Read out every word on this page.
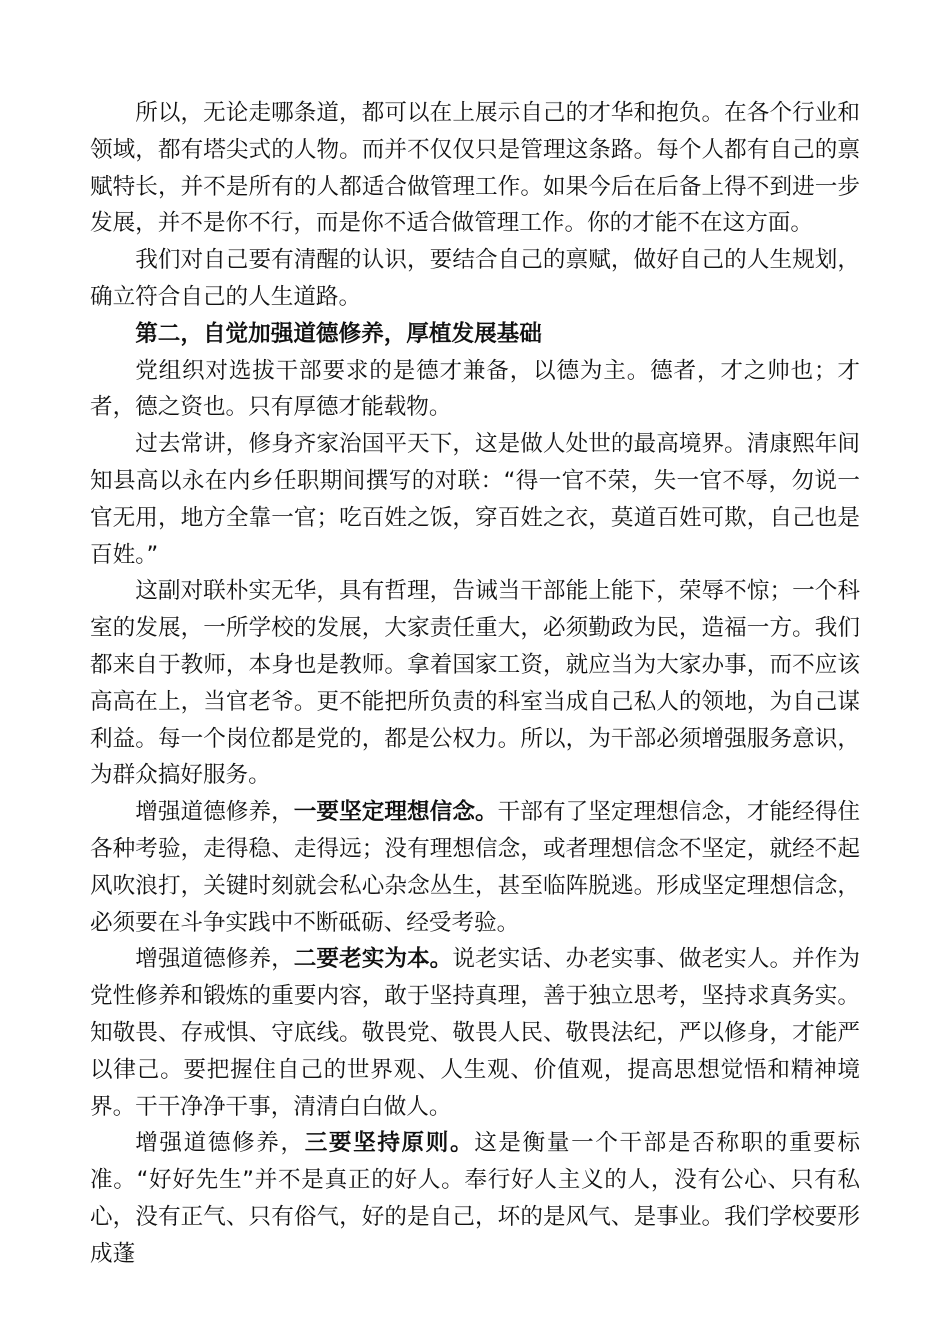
所以，无论走哪条道，都可以在上展示自己的才华和抱负。在各个行业和领域，都有塔尖式的人物。而并不仅仅只是管理这条路。每个人都有自己的禀赋特长，并不是所有的人都适合做管理工作。如果今后在后备上得不到进一步发展，并不是你不行，而是你不适合做管理工作。你的才能不在这方面。

我们对自己要有清醒的认识，要结合自己的禀赋，做好自己的人生规划，确立符合自己的人生道路。

第二，自觉加强道德修养，厚植发展基础

党组织对选拔干部要求的是德才兼备，以德为主。德者，才之帅也；才者，德之资也。只有厚德才能载物。

过去常讲，修身齐家治国平天下，这是做人处世的最高境界。清康熙年间知县高以永在内乡任职期间撰写的对联：“得一官不荣，失一官不辱，勿说一官无用，地方全靠一官；吃百姓之饭，穿百姓之衣，莫道百姓可欺，自己也是百姓。”

这副对联朴实无华，具有哲理，告诫当干部能上能下，荣辱不惊；一个科室的发展，一所学校的发展，大家责任重大，必须勤政为民，造福一方。我们都来自于教师，本身也是教师。拿着国家工资，就应当为大家办事，而不应该高高在上，当官老爷。更不能把所负责的科室当成自己私人的领地，为自己谋利益。每一个岗位都是党的，都是公权力。所以，为干部必须增强服务意识，为群众搞好服务。

增强道德修养，一要坚定理想信念。干部有了坚定理想信念，才能经得住各种考验，走得稳、走得远；没有理想信念，或者理想信念不坚定，就经不起风吹浪打，关键时刻就会私心杂念丛生，甚至临阵脱逃。形成坚定理想信念，必须要在斗争实践中不断砥砺、经受考验。

增强道德修养，二要老实为本。说老实话、办老实事、做老实人。并作为党性修养和锻炼的重要内容，敢于坚持真理，善于独立思考，坚持求真务实。知敬畏、存戒惧、守底线。敬畏党、敬畏人民、敬畏法纪，严以修身，才能严以律己。要把握住自己的世界观、人生观、价值观，提高思想觉悟和精神境界。干干净净干事，清清白白做人。

增强道德修养，三要坚持原则。这是衡量一个干部是否称职的重要标准。“好好先生”并不是真正的好人。奉行好人主义的人，没有公心、只有私心，没有正气、只有俗气，好的是自己，坏的是风气、是事业。我们学校要形成蓬
